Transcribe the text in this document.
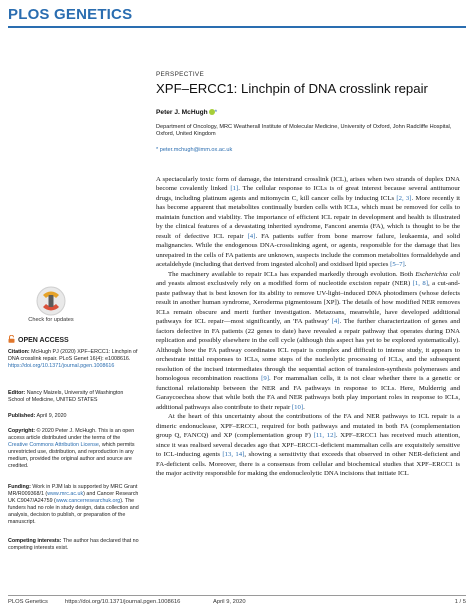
PLOS GENETICS
PERSPECTIVE
XPF–ERCC1: Linchpin of DNA crosslink repair
Peter J. McHugh *
Department of Oncology, MRC Weatherall Institute of Molecular Medicine, University of Oxford, John Radcliffe Hospital, Oxford, United Kingdom
* peter.mchugh@imm.ox.ac.uk
Check for updates
OPEN ACCESS
Citation: McHugh PJ (2020) XPF–ERCC1: Linchpin of DNA crosslink repair. PLoS Genet 16(4): e1008616. https://doi.org/10.1371/journal.pgen.1008616
Editor: Nancy Maizels, University of Washington School of Medicine, UNITED STATES
Published: April 9, 2020
Copyright: © 2020 Peter J. McHugh. This is an open access article distributed under the terms of the Creative Commons Attribution License, which permits unrestricted use, distribution, and reproduction in any medium, provided the original author and source are credited.
Funding: Work in PJM lab is supported by MRC Grant MR/R009368/1 (www.mrc.ac.uk) and Cancer Research UK C9047/A24759 (www.cancerresearchuk.org). The funders had no role in study design, data collection and analysis, decision to publish, or preparation of the manuscript.
Competing interests: The author has declared that no competing interests exist.

A spectacularly toxic form of damage, the interstrand crosslink (ICL), arises when two strands of duplex DNA become covalently linked [1]. The cellular response to ICLs is of great interest because several antitumour drugs, including platinum agents and mitomycin C, kill cancer cells by inducing ICLs [2, 3]. More recently it has become apparent that metabolites continually burden cells with ICLs, which must be removed for cells to maintain function and viability. The importance of efficient ICL repair in development and health is illustrated by the clinical features of a devastating inherited syndrome, Fanconi anemia (FA), which is thought to be the result of defective ICL repair [4]. FA patients suffer from bone marrow failure, leukaemia, and solid malignancies. While the endogenous DNA-crosslinking agent, or agents, responsible for the damage that lies unrepaired in the cells of FA patients are unknown, suspects include the common metabolites formaldehyde and acetaldehyde (including that derived from ingested alcohol) and oxidised lipid species [5–7].

The machinery available to repair ICLs has expanded markedly through evolution. Both Escherichia coli and yeasts almost exclusively rely on a modified form of nucleotide excision repair (NER) [1, 8], a cut-and-paste pathway that is best known for its ability to remove UV-light–induced DNA photodimers (whose defects result in another human syndrome, Xeroderma pigmentosum [XP]). The details of how modified NER removes ICLs remain obscure and merit further investigation. Metazoans, meanwhile, have developed additional pathways for ICL repair—most significantly, an 'FA pathway' [4]. The further characterization of genes and factors defective in FA patients (22 genes to date) have revealed a repair pathway that operates during DNA replication and possibly elsewhere in the cell cycle (although this aspect has yet to be explored systematically). Although how the FA pathway coordinates ICL repair is complex and difficult to intense study, it appears to orchestrate initial responses to ICLs, some steps of the nucleolytic processing of ICLs, and the subsequent resolution of the incised intermediates through the sequential action of translesion-synthesis polymerases and homologous recombination reactions [9]. For mammalian cells, it is not clear whether there is a genetic or functional relationship between the NER and FA pathways in response to ICLs. Here, Mulderrig and Garaycoechea show that while both the FA and NER pathways both play important roles in response to ICLs, additional pathways also contribute to their repair [10].

At the heart of this uncertainty about the contributions of the FA and NER pathways to ICL repair is a dimeric endonuclease, XPF–ERCC1, required for both pathways and mutated in both FA (complementation group Q, FANCQ) and XP (complementation group F) [11, 12]. XPF–ERCC1 has received much attention, since it was realised several decades ago that XPF–ERCC1-deficient mammalian cells are exquisitely sensitive to ICL-inducing agents [13, 14], showing a sensitivity that exceeds that observed in other NER-deficient and FA-deficient cells. Moreover, there is a consensus from cellular and biochemical studies that XPF–ERCC1 is the major activity responsible for making the endonucleolytic DNA incisions that initiate ICL

PLOS Genetics	https://doi.org/10.1371/journal.pgen.1008616	April 9, 2020	1 / 5
